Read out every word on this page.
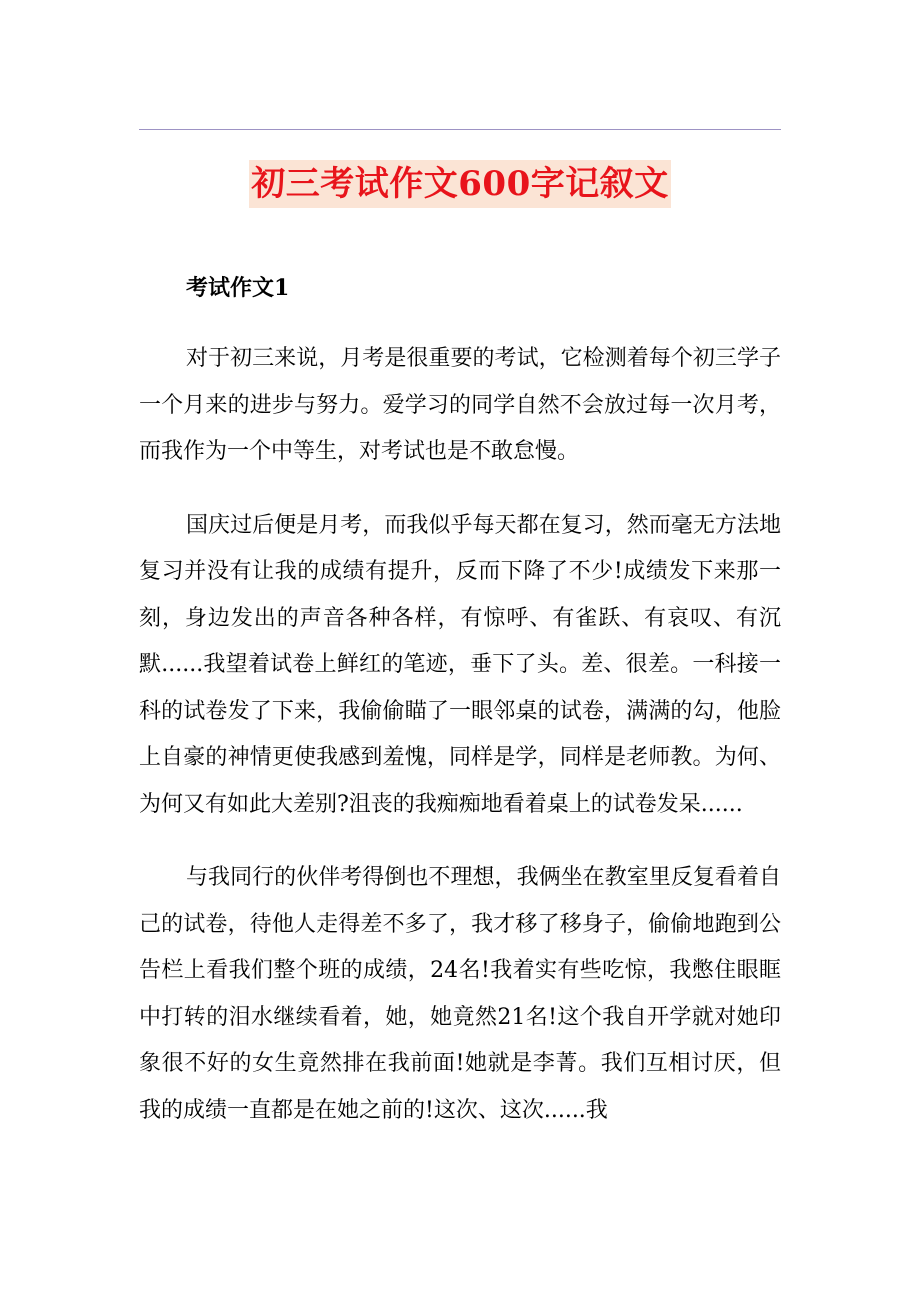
初三考试作文600字记叙文
考试作文1

对于初三来说，月考是很重要的考试，它检测着每个初三学子一个月来的进步与努力。爱学习的同学自然不会放过每一次月考，而我作为一个中等生，对考试也是不敢怠慢。

国庆过后便是月考，而我似乎每天都在复习，然而毫无方法地复习并没有让我的成绩有提升，反而下降了不少!成绩发下来那一刻，身边发出的声音各种各样，有惊呼、有雀跃、有哀叹、有沉默......我望着试卷上鲜红的笔迹，垂下了头。差、很差。一科接一科的试卷发了下来，我偷偷瞄了一眼邻桌的试卷，满满的勾，他脸上自豪的神情更使我感到羞愧，同样是学，同样是老师教。为何、为何又有如此大差别?沮丧的我痴痴地看着桌上的试卷发呆......

与我同行的伙伴考得倒也不理想，我俩坐在教室里反复看着自己的试卷，待他人走得差不多了，我才移了移身子，偷偷地跑到公告栏上看我们整个班的成绩，24名!我着实有些吃惊，我憋住眼眶中打转的泪水继续看着，她，她竟然21名!这个我自开学就对她印象很不好的女生竟然排在我前面!她就是李菁。我们互相讨厌，但我的成绩一直都是在她之前的!这次、这次......我
